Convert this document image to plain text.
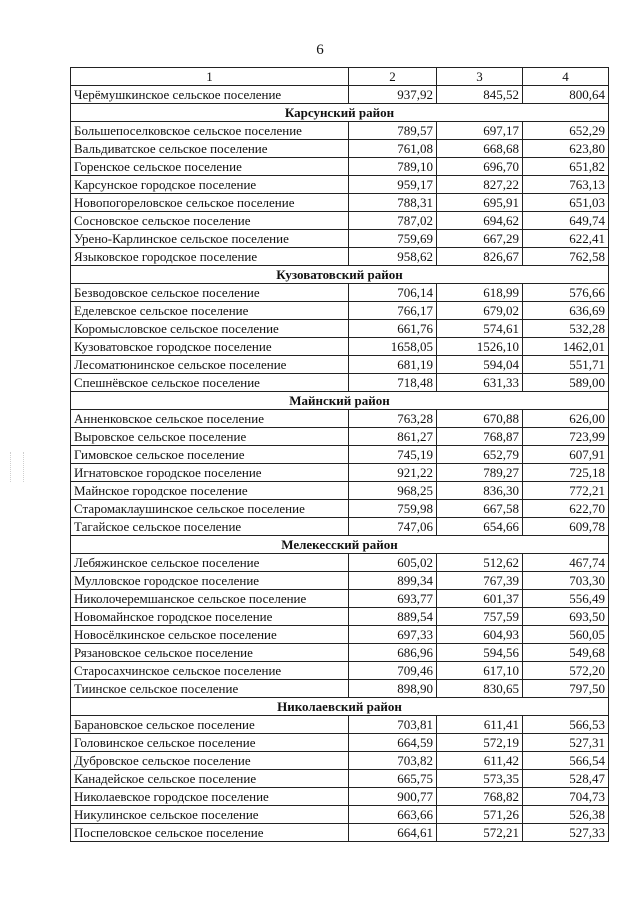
6
1	2	3	4
Черёмушкинское сельское поселение	937,92	845,52	800,64
Карсунский район			
Большепоселковское сельское поселение	789,57	697,17	652,29
Вальдиватское сельское поселение	761,08	668,68	623,80
Горенское сельское поселение	789,10	696,70	651,82
Карсунское городское поселение	959,17	827,22	763,13
Новопогореловское сельское поселение	788,31	695,91	651,03
Сосновское сельское поселение	787,02	694,62	649,74
Урено-Карлинское сельское поселение	759,69	667,29	622,41
Языковское городское поселение	958,62	826,67	762,58
Кузоватовский район			
Безводовское сельское поселение	706,14	618,99	576,66
Еделевское сельское поселение	766,17	679,02	636,69
Коромысловское сельское поселение	661,76	574,61	532,28
Кузоватовское городское поселение	1658,05	1526,10	1462,01
Лесоматюнинское сельское поселение	681,19	594,04	551,71
Спешнёвское сельское поселение	718,48	631,33	589,00
Майнский район			
Анненковское сельское поселение	763,28	670,88	626,00
Выровское сельское поселение	861,27	768,87	723,99
Гимовское сельское поселение	745,19	652,79	607,91
Игнатовское городское поселение	921,22	789,27	725,18
Майнское городское поселение	968,25	836,30	772,21
Старомаклаушинское сельское поселение	759,98	667,58	622,70
Тагайское сельское поселение	747,06	654,66	609,78
Мелекесский район			
Лебяжинское сельское поселение	605,02	512,62	467,74
Мулловское городское поселение	899,34	767,39	703,30
Николочеремшанское сельское поселение	693,77	601,37	556,49
Новомайнское городское поселение	889,54	757,59	693,50
Новосёлкинское сельское поселение	697,33	604,93	560,05
Рязановское сельское поселение	686,96	594,56	549,68
Старосахчинское сельское поселение	709,46	617,10	572,20
Тиинское сельское поселение	898,90	830,65	797,50
Николаевский район			
Барановское сельское поселение	703,81	611,41	566,53
Головинское сельское поселение	664,59	572,19	527,31
Дубровское сельское поселение	703,82	611,42	566,54
Канадейское сельское поселение	665,75	573,35	528,47
Николаевское городское поселение	900,77	768,82	704,73
Никулинское сельское поселение	663,66	571,26	526,38
Поспеловское сельское поселение	664,61	572,21	527,33
